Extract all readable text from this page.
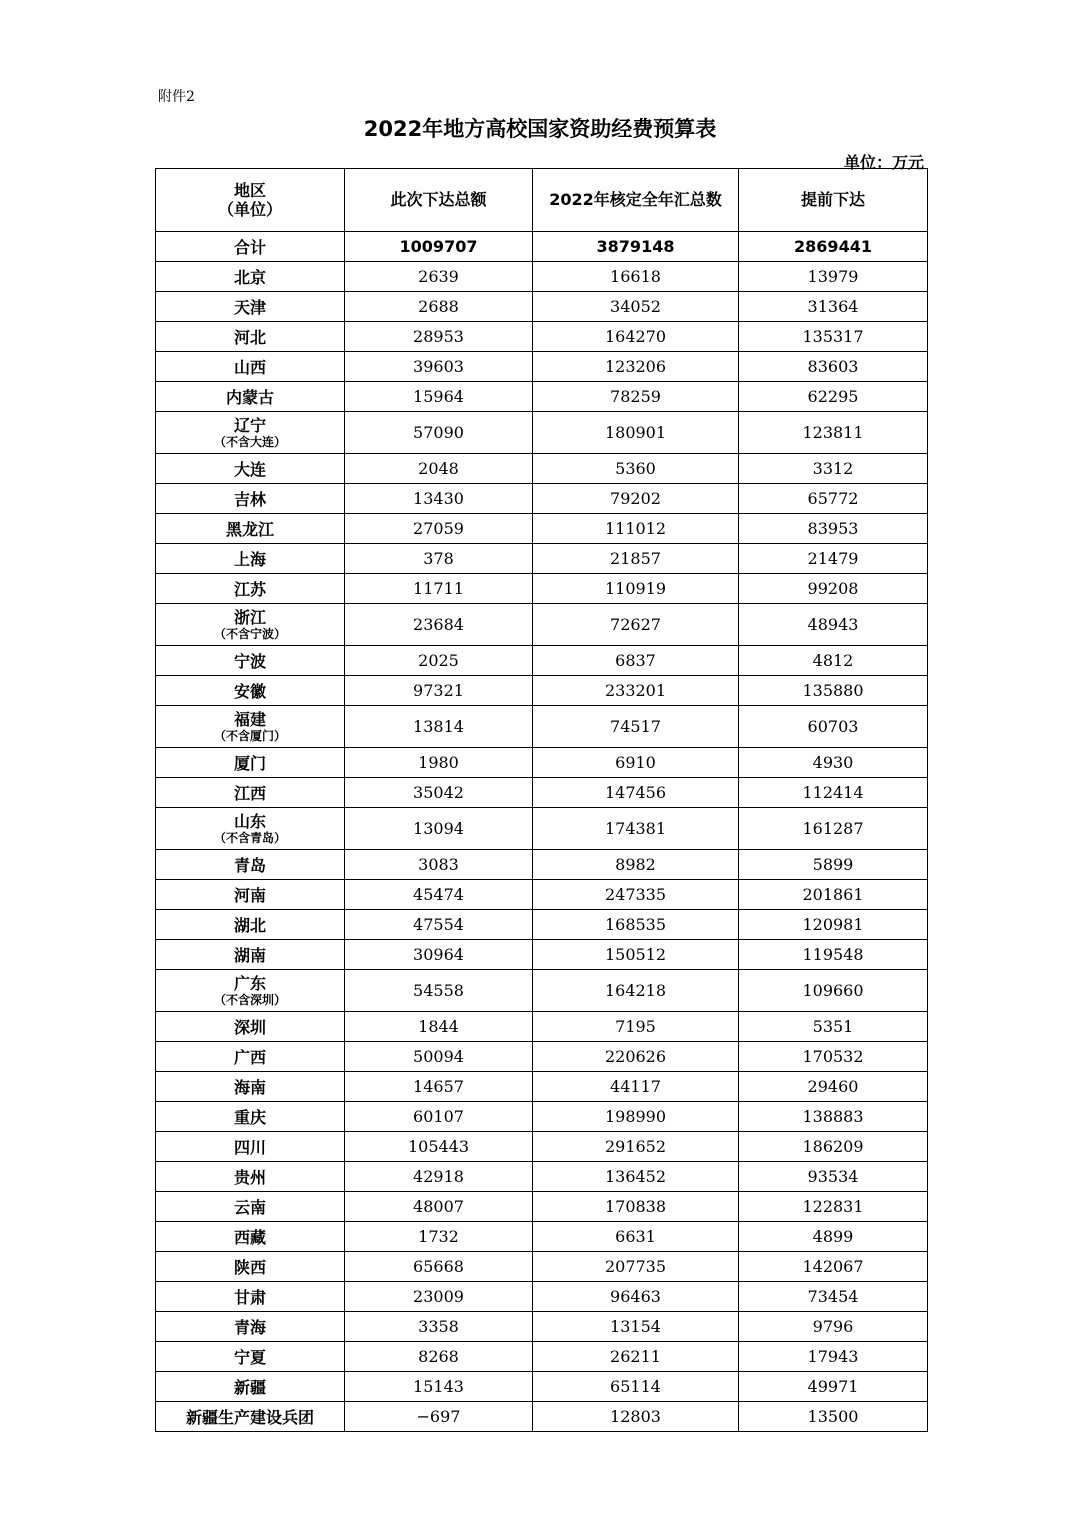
附件2
2022年地方高校国家资助经费预算表
单位：万元
地区
（单位）	此次下达总额	2022年核定全年汇总数	提前下达
合计	1009707	3879148	2869441
北京	2639	16618	13979
天津	2688	34052	31364
河北	28953	164270	135317
山西	39603	123206	83603
内蒙古	15964	78259	62295

辽宁
（不含大连）	57090	180901	123811
大连	2048	5360	3312
吉林	13430	79202	65772
黑龙江	27059	111012	83953
上海	378	21857	21479
江苏	11711	110919	99208

浙江
（不含宁波）	23684	72627	48943
宁波	2025	6837	4812
安徽	97321	233201	135880

福建
（不含厦门）	13814	74517	60703
厦门	1980	6910	4930
江西	35042	147456	112414

山东
（不含青岛）	13094	174381	161287
青岛	3083	8982	5899
河南	45474	247335	201861
湖北	47554	168535	120981
湖南	30964	150512	119548

广东
（不含深圳）	54558	164218	109660
深圳	1844	7195	5351
广西	50094	220626	170532
海南	14657	44117	29460
重庆	60107	198990	138883
四川	105443	291652	186209
贵州	42918	136452	93534
云南	48007	170838	122831
西藏	1732	6631	4899
陕西	65668	207735	142067
甘肃	23009	96463	73454
青海	3358	13154	9796
宁夏	8268	26211	17943
新疆	15143	65114	49971
新疆生产建设兵团	−697	12803	13500
